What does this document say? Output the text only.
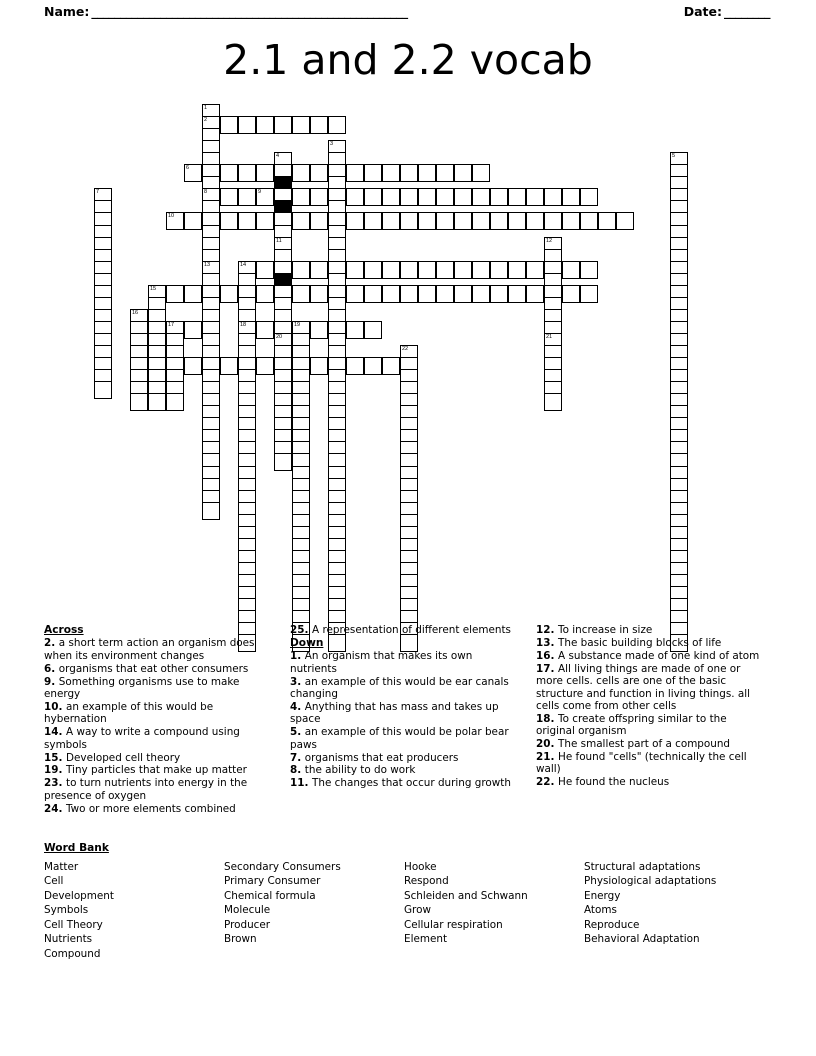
Name: _______________________________________________________	Date: ________
2.1 and 2.2 vocab
1
2
3
4	5
6
7	8	9
10
11	12
13	14
15
16
17	18	19
20	21
22
Across
2. a short term action an organism does when its environment changes
6. organisms that eat other consumers
9. Something organisms use to make energy
10. an example of this would be hybernation
14. A way to write a compound using symbols
15. Developed cell theory
19. Tiny particles that make up matter
23. to turn nutrients into energy in the presence of oxygen
24. Two or more elements combined
25. A representation of different elements
Down
1. An organism that makes its own nutrients
3. an example of this would be ear canals changing
4. Anything that has mass and takes up space
5. an example of this would be polar bear paws
7. organisms that eat producers
8. the ability to do work
11. The changes that occur during growth
12. To increase in size
13. The basic building blocks of life
16. A substance made of one kind of atom
17. All living things are made of one or more cells. cells are one of the basic structure and function in living things. all cells come from other cells
18. To create offspring similar to the original organism
20. The smallest part of a compound
21. He found "cells" (technically the cell wall)
22. He found the nucleus
Word Bank
Matter
Cell
Development
Symbols
Cell Theory
Nutrients
Compound
Secondary Consumers
Primary Consumer
Chemical formula
Molecule
Producer
Brown
Hooke
Respond
Schleiden and Schwann
Grow
Cellular respiration
Element
Structural adaptations
Physiological adaptations
Energy
Atoms
Reproduce
Behavioral Adaptation
